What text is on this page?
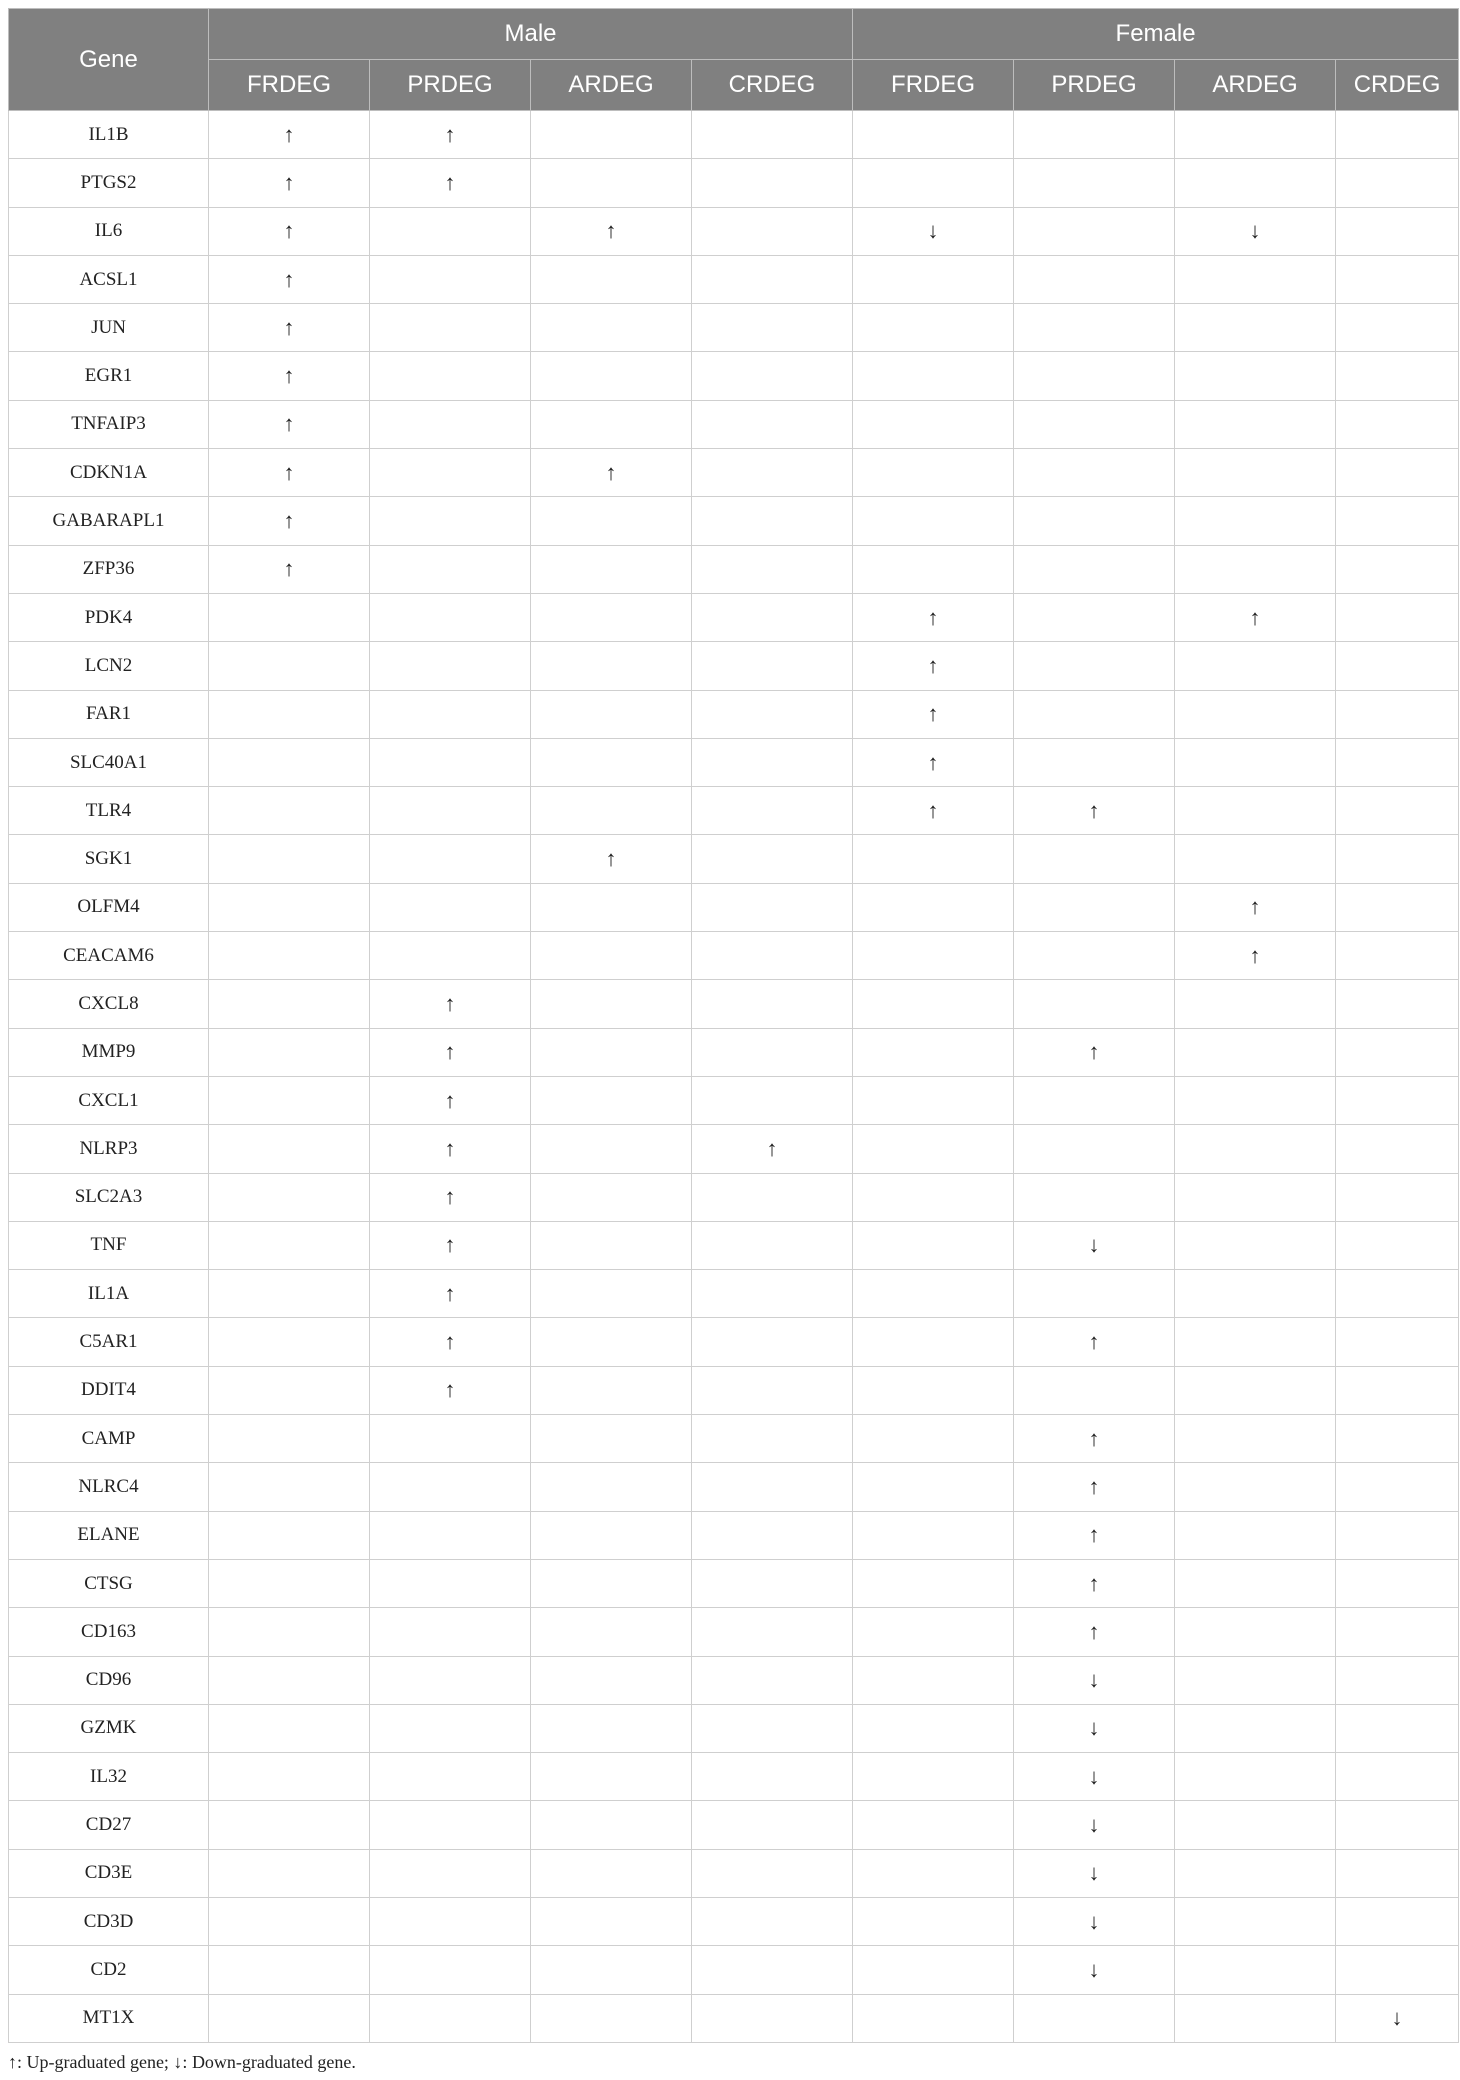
Gene	Male				Female			
	FRDEG	PRDEG	ARDEG	CRDEG	FRDEG	PRDEG	ARDEG	CRDEG
IL1B	↑	↑						
PTGS2	↑	↑						
IL6	↑		↑		↓		↓	
ACSL1	↑							
JUN	↑							
EGR1	↑							
TNFAIP3	↑							
CDKN1A	↑		↑					
GABARAPL1	↑							
ZFP36	↑							
PDK4					↑		↑	
LCN2					↑			
FAR1					↑			
SLC40A1					↑			
TLR4					↑	↑		
SGK1			↑					
OLFM4							↑	
CEACAM6							↑	
CXCL8		↑						
MMP9		↑				↑		
CXCL1		↑						
NLRP3		↑		↑				
SLC2A3		↑						
TNF		↑				↓		
IL1A		↑						
C5AR1		↑				↑		
DDIT4		↑						
CAMP						↑		
NLRC4						↑		
ELANE						↑		
CTSG						↑		
CD163						↑		
CD96						↓		
GZMK						↓		
IL32						↓		
CD27						↓		
CD3E						↓		
CD3D						↓		
CD2						↓		
MT1X								↓
↑: Up-graduated gene; ↓: Down-graduated gene.
